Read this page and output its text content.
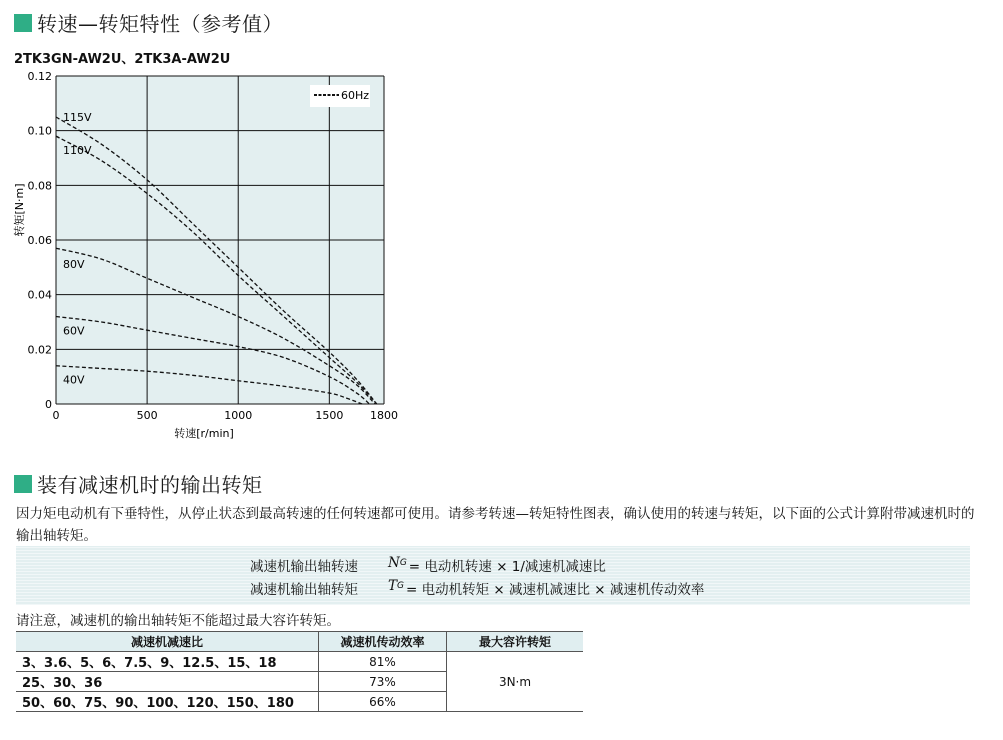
转速—转矩特性（参考值）
2TK3GN-AW2U、2TK3A-AW2U
0	500	1000	1500 1800
0
0.02
0.04
0.06
0.08
0.10
0.12
转速[r/min]
转矩[N·m]
115V
110V
80V
60V
40V
60Hz
装有减速机时的输出转矩
因力矩电动机有下垂特性，从停止状态到最高转速的任何转速都可使用。请参考转速—转矩特性图表，确认使用的转速与转矩，以下面的公式计算附带减速机时的输出轴转矩。
减速机输出轴转速	N G = 电动机转速 × 1/减速机减速比
减速机输出轴转矩	T G = 电动机转矩 × 减速机减速比 × 减速机传动效率
请注意，减速机的输出轴转矩不能超过最大容许转矩。
减速机减速比	减速机传动效率	最大容许转矩
3、3.6、5、6、7.5、9、12.5、15、18	81%	3N·m
25、30、36	73%	
50、60、75、90、100、120、150、180	66%	
